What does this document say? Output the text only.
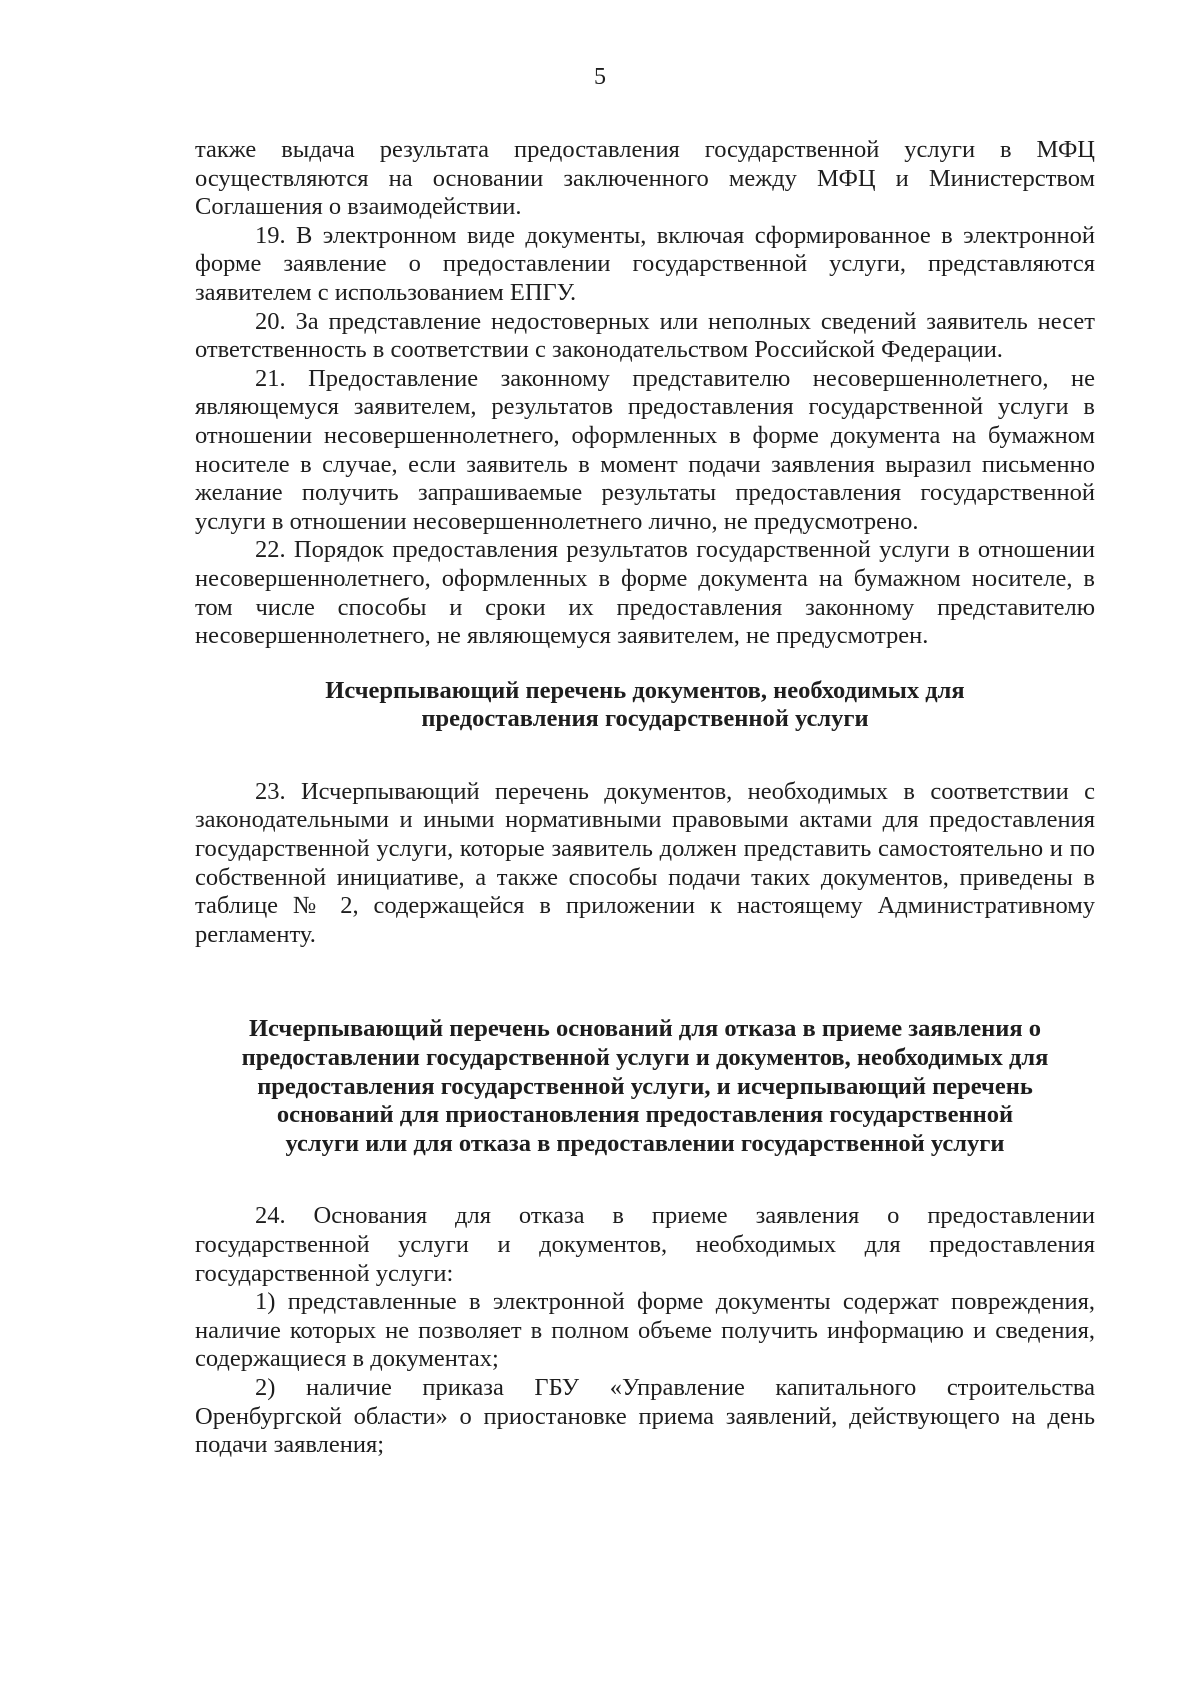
5

также выдача результата предоставления государственной услуги в МФЦ осуществляются на основании заключенного между МФЦ и Министерством Соглашения о взаимодействии.

19. В электронном виде документы, включая сформированное в электронной форме заявление о предоставлении государственной услуги, представляются заявителем с использованием ЕПГУ.

20. За представление недостоверных или неполных сведений заявитель несет ответственность в соответствии с законодательством Российской Федерации.

21. Предоставление законному представителю несовершеннолетнего, не являющемуся заявителем, результатов предоставления государственной услуги в отношении несовершеннолетнего, оформленных в форме документа на бумажном носителе в случае, если заявитель в момент подачи заявления выразил письменно желание получить запрашиваемые результаты предоставления государственной услуги в отношении несовершеннолетнего лично, не предусмотрено.

22. Порядок предоставления результатов государственной услуги в отношении несовершеннолетнего, оформленных в форме документа на бумажном носителе, в том числе способы и сроки их предоставления законному представителю несовершеннолетнего, не являющемуся заявителем, не предусмотрен.

Исчерпывающий перечень документов, необходимых для
предоставления государственной услуги

23. Исчерпывающий перечень документов, необходимых в соответствии с законодательными и иными нормативными правовыми актами для предоставления государственной услуги, которые заявитель должен представить самостоятельно и по собственной инициативе, а также способы подачи таких документов, приведены в таблице № 2, содержащейся в приложении к настоящему Административному регламенту.

Исчерпывающий перечень оснований для отказа в приеме заявления о
предоставлении государственной услуги и документов, необходимых для
предоставления государственной услуги, и исчерпывающий перечень
оснований для приостановления предоставления государственной
услуги или для отказа в предоставлении государственной услуги

24. Основания для отказа в приеме заявления о предоставлении государственной услуги и документов, необходимых для предоставления государственной услуги:

1) представленные в электронной форме документы содержат повреждения, наличие которых не позволяет в полном объеме получить информацию и сведения, содержащиеся в документах;

2) наличие приказа ГБУ «Управление капитального строительства Оренбургской области» о приостановке приема заявлений, действующего на день подачи заявления;
